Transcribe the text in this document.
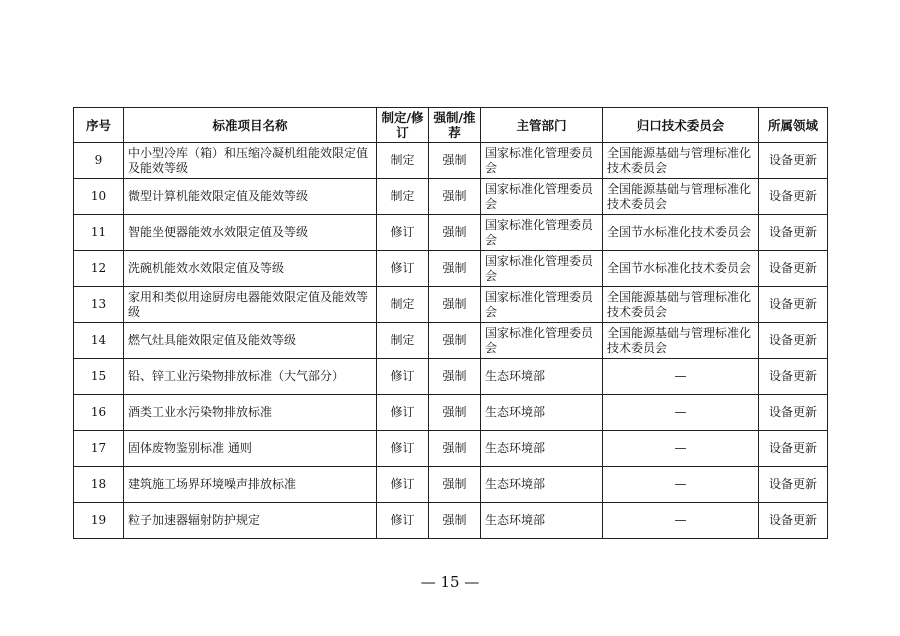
序号	标准项目名称	制定/修订	强制/推荐	主管部门	归口技术委员会	所属领域
9	中小型冷库（箱）和压缩冷凝机组能效限定值及能效等级	制定	强制	国家标准化管理委员会	全国能源基础与管理标准化技术委员会	设备更新
10	微型计算机能效限定值及能效等级	制定	强制	国家标准化管理委员会	全国能源基础与管理标准化技术委员会	设备更新
11	智能坐便器能效水效限定值及等级	修订	强制	国家标准化管理委员会	全国节水标准化技术委员会	设备更新
12	洗碗机能效水效限定值及等级	修订	强制	国家标准化管理委员会	全国节水标准化技术委员会	设备更新
13	家用和类似用途厨房电器能效限定值及能效等级	制定	强制	国家标准化管理委员会	全国能源基础与管理标准化技术委员会	设备更新
14	燃气灶具能效限定值及能效等级	制定	强制	国家标准化管理委员会	全国能源基础与管理标准化技术委员会	设备更新
15	铅、锌工业污染物排放标准（大气部分）	修订	强制	生态环境部	—	设备更新
16	酒类工业水污染物排放标准	修订	强制	生态环境部	—	设备更新
17	固体废物鉴别标准 通则	修订	强制	生态环境部	—	设备更新
18	建筑施工场界环境噪声排放标准	修订	强制	生态环境部	—	设备更新
19	粒子加速器辐射防护规定	修订	强制	生态环境部	—	设备更新
— 15 —
